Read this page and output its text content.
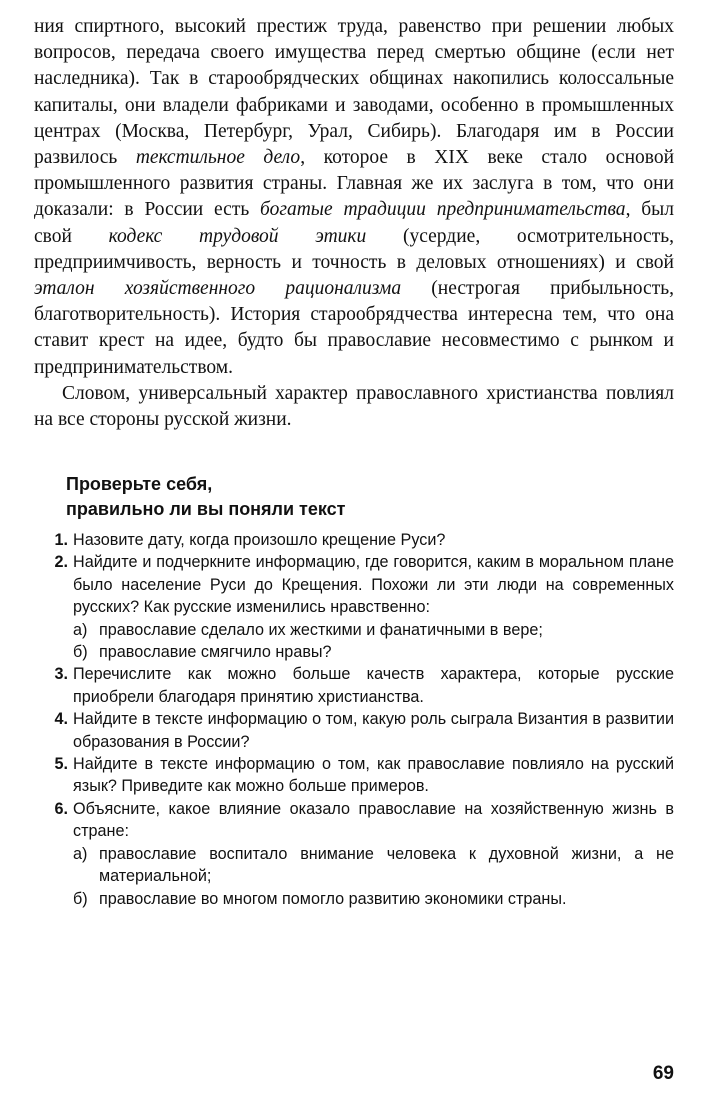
ния спиртного, высокий престиж труда, равенство при решении любых вопросов, передача своего имущества перед смертью общине (если нет наследника). Так в старообрядческих общинах накопились колоссальные капиталы, они владели фабриками и заводами, особенно в промышленных центрах (Москва, Петербург, Урал, Сибирь). Благодаря им в России развилось текстильное дело, которое в XIX веке стало основой промышленного развития страны. Главная же их заслуга в том, что они доказали: в России есть богатые традиции предпринимательства, был свой кодекс трудовой этики (усердие, осмотрительность, предприимчивость, верность и точность в деловых отношениях) и свой эталон хозяйственного рационализма (нестрогая прибыльность, благотворительность). История старообрядчества интересна тем, что она ставит крест на идее, будто бы православие несовместимо с рынком и предпринимательством.

Словом, универсальный характер православного христианства повлиял на все стороны русской жизни.

Проверьте себя,
правильно ли вы поняли текст
1. Назовите дату, когда произошло крещение Руси?
2. Найдите и подчеркните информацию, где говорится, каким в моральном плане было население Руси до Крещения. Похожи ли эти люди на современных русских? Как русские изменились нравственно:
а) православие сделало их жесткими и фанатичными в вере;
б) православие смягчило нравы?
3. Перечислите как можно больше качеств характера, которые русские приобрели благодаря принятию христианства.
4. Найдите в тексте информацию о том, какую роль сыграла Византия в развитии образования в России?
5. Найдите в тексте информацию о том, как православие повлияло на русский язык? Приведите как можно больше примеров.
6. Объясните, какое влияние оказало православие на хозяйственную жизнь в стране:
а) православие воспитало внимание человека к духовной жизни, а не материальной;
б) православие во многом помогло развитию экономики страны.
69
